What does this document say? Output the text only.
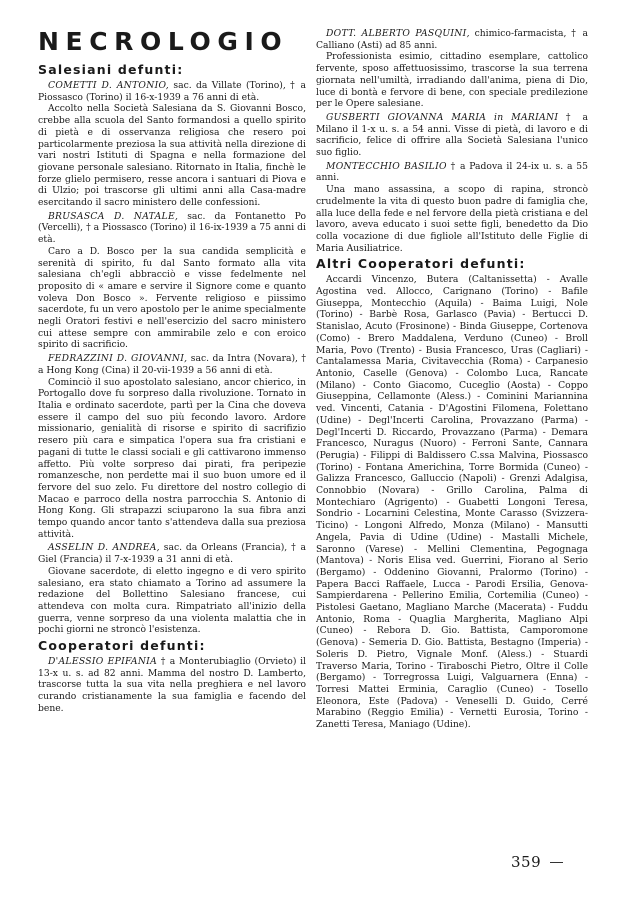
NECROLOGIO
Salesiani defunti:

COMETTI D. ANTONIO, sac. da Villate (Torino), † a Piossasco (Torino) il 16-x-1939 a 76 anni di età.

Accolto nella Società Salesiana da S. Giovanni Bosco, crebbe alla scuola del Santo formandosi a quello spirito di pietà e di osservanza religiosa che resero poi particolarmente preziosa la sua attività nella direzione di vari nostri Istituti di Spagna e nella formazione del giovane personale salesiano. Ritornato in Italia, finchè le forze glielo permisero, resse ancora i santuari di Piova e di Ulzio; poi trascorse gli ultimi anni alla Casa-madre esercitando il sacro ministero delle confessioni.

BRUSASCA D. NATALE, sac. da Fontanetto Po (Vercelli), † a Piossasco (Torino) il 16-ix-1939 a 75 anni di età.

Caro a D. Bosco per la sua candida semplicità e serenità di spirito, fu dal Santo formato alla vita salesiana ch'egli abbracciò e visse fedelmente nel proposito di « amare e servire il Signore come e quanto voleva Don Bosco ». Fervente religioso e piissimo sacerdote, fu un vero apostolo per le anime specialmente negli Oratori festivi e nell'esercizio del sacro ministero cui attese sempre con ammirabile zelo e con eroico spirito di sacrificio.

FEDRAZZINI D. GIOVANNI, sac. da Intra (Novara), † a Hong Kong (Cina) il 20-vii-1939 a 56 anni di età.

Cominciò il suo apostolato salesiano, ancor chierico, in Portogallo dove fu sorpreso dalla rivoluzione. Tornato in Italia e ordinato sacerdote, partì per la Cina che doveva essere il campo del suo più fecondo lavoro. Ardore missionario, genialità di risorse e spirito di sacrifizio resero più cara e simpatica l'opera sua fra cristiani e pagani di tutte le classi sociali e gli cattivarono immenso affetto. Più volte sorpreso dai pirati, fra peripezie romanzesche, non perdette mai il suo buon umore ed il fervore del suo zelo. Fu direttore del nostro collegio di Macao e parroco della nostra parrocchia S. Antonio di Hong Kong. Gli strapazzi sciuparono la sua fibra anzi tempo quando ancor tanto s'attendeva dalla sua preziosa attività.

ASSELIN D. ANDREA, sac. da Orleans (Francia), † a Giel (Francia) il 7-x-1939 a 31 anni di età.

Giovane sacerdote, di eletto ingegno e di vero spirito salesiano, era stato chiamato a Torino ad assumere la redazione del Bollettino Salesiano francese, cui attendeva con molta cura. Rimpatriato all'inizio della guerra, venne sorpreso da una violenta malattia che in pochi giorni ne stroncò l'esistenza.

Cooperatori defunti:

D'ALESSIO EPIFANIA † a Monterubiaglio (Orvieto) il 13-x u. s. ad 82 anni. Mamma del nostro D. Lamberto, trascorse tutta la sua vita nella preghiera e nel lavoro curando cristianamente la sua famiglia e facendo del bene.

DOTT. ALBERTO PASQUINI, chimico-farmacista, † a Calliano (Asti) ad 85 anni.

Professionista esimio, cittadino esemplare, cattolico fervente, sposo affettuosissimo, trascorse la sua terrena giornata nell'umiltà, irradiando dall'anima, piena di Dio, luce di bontà e fervore di bene, con speciale predilezione per le Opere salesiane.

GUSBERTI GIOVANNA MARIA in MARIANI † a Milano il 1-x u. s. a 54 anni. Visse di pietà, di lavoro e di sacrificio, felice di offrire alla Società Salesiana l'unico suo figlio.

MONTECCHIO BASILIO † a Padova il 24-ix u. s. a 55 anni.

Una mano assassina, a scopo di rapina, stroncò crudelmente la vita di questo buon padre di famiglia che, alla luce della fede e nel fervore della pietà cristiana e del lavoro, aveva educato i suoi sette figli, benedetto da Dio colla vocazione di due figliole all'Istituto delle Figlie di Maria Ausiliatrice.

Altri Cooperatori defunti:

Accardi Vincenzo, Butera (Caltanissetta) - Avalle Agostina ved. Allocco, Carignano (Torino) - Bafile Giuseppa, Montecchio (Aquila) - Baima Luigi, Nole (Torino) - Barbè Rosa, Garlasco (Pavia) - Bertucci D. Stanislao, Acuto (Frosinone) - Binda Giuseppe, Cortenova (Como) - Brero Maddalena, Verduno (Cuneo) - Broll Maria, Povo (Trento) - Busia Francesco, Uras (Cagliari) - Cantalamessa Maria, Civitavecchia (Roma) - Carpanesio Antonio, Caselle (Genova) - Colombo Luca, Rancate (Milano) - Conto Giacomo, Cuceglio (Aosta) - Coppo Giuseppina, Cellamonte (Aless.) - Cominini Mariannina ved. Vincenti, Catania - D'Agostini Filomena, Folettano (Udine) - Degl'Incerti Carolina, Provazzano (Parma) - Degl'Incerti D. Riccardo, Provazzano (Parma) - Demara Francesco, Nuragus (Nuoro) - Ferroni Sante, Cannara (Perugia) - Filippi di Baldissero C.ssa Malvina, Piossasco (Torino) - Fontana Americhina, Torre Bormida (Cuneo) - Galizza Francesco, Galluccio (Napoli) - Grenzi Adalgisa, Connobbio (Novara) - Grillo Carolina, Palma di Montechiaro (Agrigento) - Guabetti Longoni Teresa, Sondrio - Locarnini Celestina, Monte Carasso (Svizzera-Ticino) - Longoni Alfredo, Monza (Milano) - Mansutti Angela, Pavia di Udine (Udine) - Mastalli Michele, Saronno (Varese) - Mellini Clementina, Pegognaga (Mantova) - Noris Elisa ved. Guerrini, Fiorano al Serio (Bergamo) - Oddenino Giovanni, Pralormo (Torino) - Papera Bacci Raffaele, Lucca - Parodi Ersilia, Genova-Sampierdarena - Pellerino Emilia, Cortemilia (Cuneo) - Pistolesi Gaetano, Magliano Marche (Macerata) - Fuddu Antonio, Roma - Quaglia Margherita, Magliano Alpi (Cuneo) - Rebora D. Gio. Battista, Camporomone (Genova) - Semeria D. Gio. Battista, Bestagno (Imperia) - Soleris D. Pietro, Vignale Monf. (Aless.) - Stuardi Traverso Maria, Torino - Tiraboschi Pietro, Oltre il Colle (Bergamo) - Torregrossa Luigi, Valguarnera (Enna) - Torresi Mattei Erminia, Caraglio (Cuneo) - Tosello Eleonora, Este (Padova) - Veneselli D. Guido, Cerré Marabino (Reggio Emilia) - Vernetti Eurosia, Torino - Zanetti Teresa, Maniago (Udine).

359
